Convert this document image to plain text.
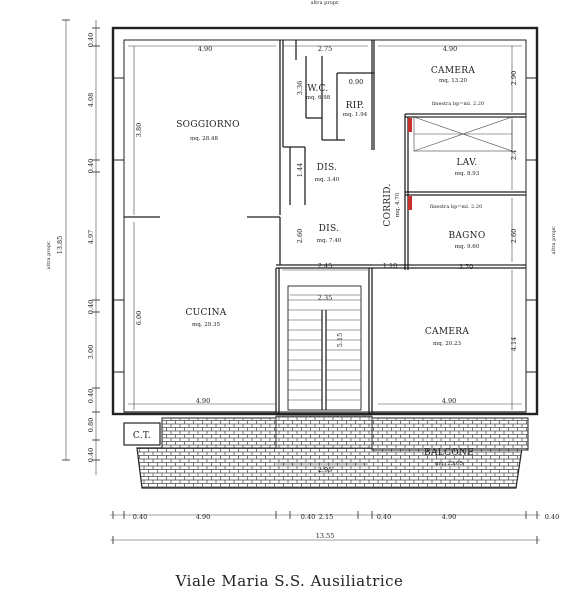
altra propr.
altra propr.
altra propr.
SOGGIORNO
mq. 28.48
CUCINA
mq. 29.35
W.C.
mq. 6.98
RIP.
mq. 1.94
DIS.
mq. 3.40
DIS.
mq. 7.40
CORRID. mq. 4.70
CAMERA
mq. 13.20
LAV.
mq. 8.93
BAGNO
mq. 9.60
CAMERA
mq. 20.23
C.T.
BALCONE
mq. 23.05
finestra bp=ml. 2.20
finestra bp=ml. 2.20
4.90	2.75	4.90
13.85
0.40
4.08
0.40
4.97
0.40
3.00
0.40
0.80
0.40
3.80
6.00
3.36	0.90
1.44
2.60
2.45
2.35
5.15
2.95
1.10
2.90
2.4
2.60
3.70
4.14
4.90	4.90
0.40	4.90	0.40 2.15	0.40	4.90	0.40
13.55
Viale Maria S.S. Ausiliatrice
